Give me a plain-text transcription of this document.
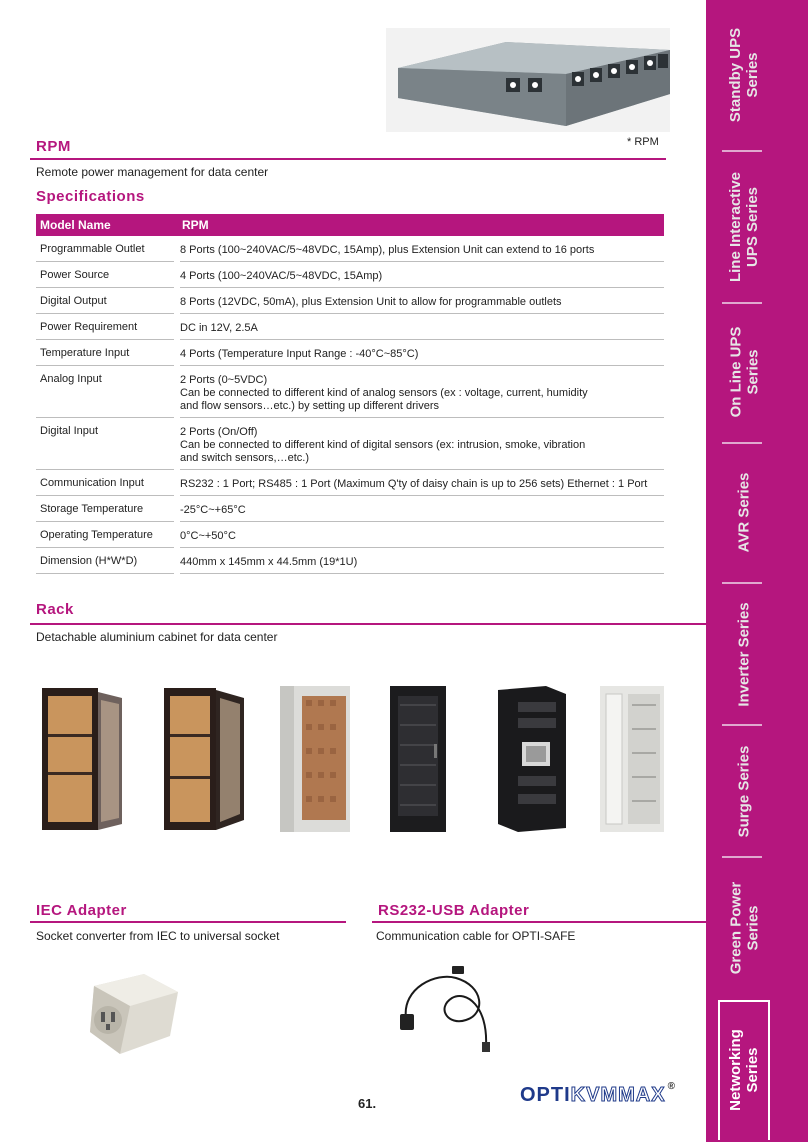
* RPM
RPM
Remote power management for data center
Specifications
Model Name	RPM
Programmable Outlet	8 Ports (100~240VAC/5~48VDC, 15Amp), plus Extension Unit can extend to 16 ports
Power Source	4 Ports (100~240VAC/5~48VDC, 15Amp)
Digital Output	8 Ports (12VDC, 50mA), plus Extension Unit to allow for programmable outlets
Power Requirement	DC in 12V, 2.5A
Temperature Input	4 Ports (Temperature Input Range : -40°C~85°C)
Analog Input	2 Ports (0~5VDC)
Can be connected to different kind of analog sensors (ex : voltage, current, humidity
and flow sensors…etc.) by setting up different drivers
Digital Input	2 Ports (On/Off)
Can be connected to different kind of digital sensors (ex: intrusion, smoke, vibration
and switch sensors,…etc.)
Communication Input	RS232 : 1 Port; RS485 : 1 Port (Maximum Q'ty of daisy chain is up to 256 sets) Ethernet : 1 Port
Storage Temperature	-25°C~+65°C
Operating Temperature	0°C~+50°C
Dimension (H*W*D)	440mm x 145mm x 44.5mm (19*1U)
Rack
Detachable aluminium cabinet for data center
IEC Adapter
Socket converter from IEC to universal socket
RS232-USB Adapter
Communication cable for OPTI-SAFE
61.	OPTIKVMMAX ®
Standby UPS
Series
Line Interactive
UPS Series
On Line UPS
Series
AVR Series
Inverter Series
Surge Series
Green Power
Series
Networking
Series
